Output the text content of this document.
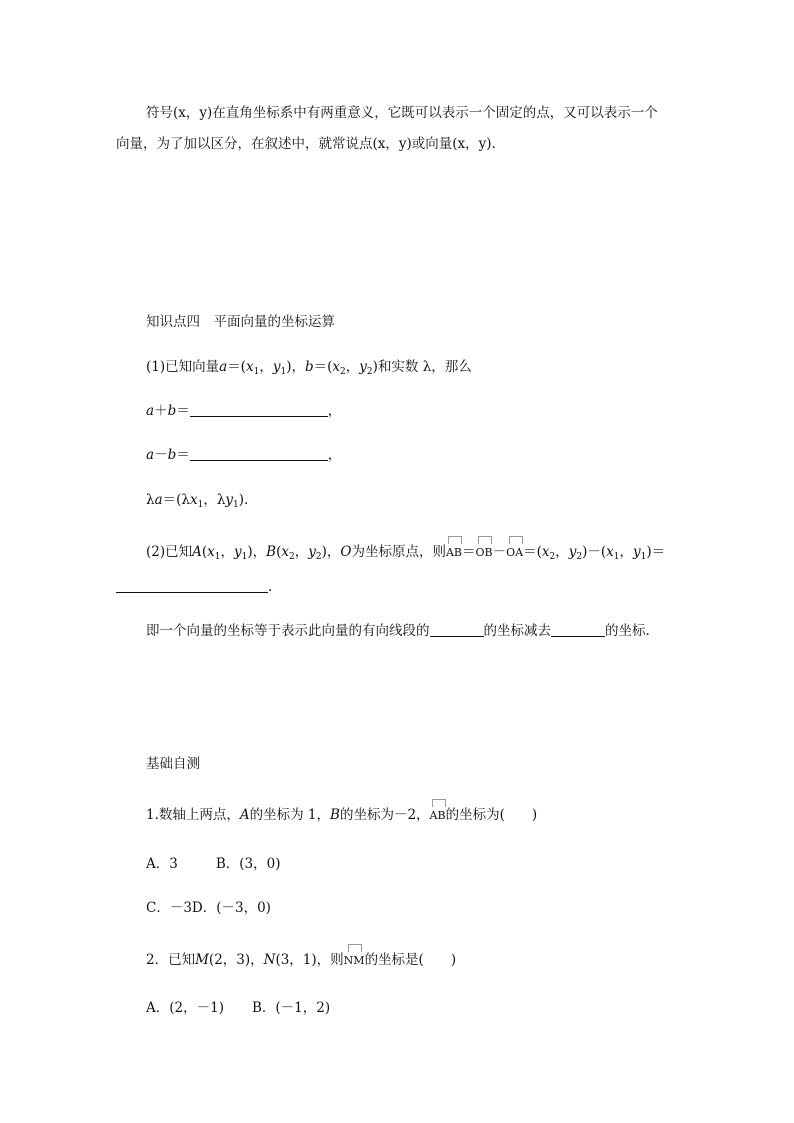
符号(x，y)在直角坐标系中有两重意义，它既可以表示一个固定的点，又可以表示一个
向量，为了加以区分，在叙述中，就常说点(x，y)或向量(x，y).
知识点四　平面向量的坐标运算
(1)已知向量$a=(x_1$，$y_1$)，$b=(x_2$，$y_2$)和实数 λ，那么
a＋b＝	，
a－b＝	，
$\lambda a=(\lambda x_1$，$\lambda y_1$).
(2)已知$A(x_1$，$y_1$)，$B(x_2$，$y_2$)，O为坐标原点，则$AB=OB-OA=(x_2$，$y_2)-(x_1$，$y_1)=$
.
即一个向量的坐标等于表示此向量的有向线段的	的坐标减去	的坐标.
基础自测
1.数轴上两点，A的坐标为 1，B的坐标为－2，AB的坐标为(　　)
A．3	B．(3，0)
C．－3D．(－3，0)
2．已知M(2，3)，N(3，1)，则NM的坐标是(　　)
A．(2，－1) B．(－1，2)
